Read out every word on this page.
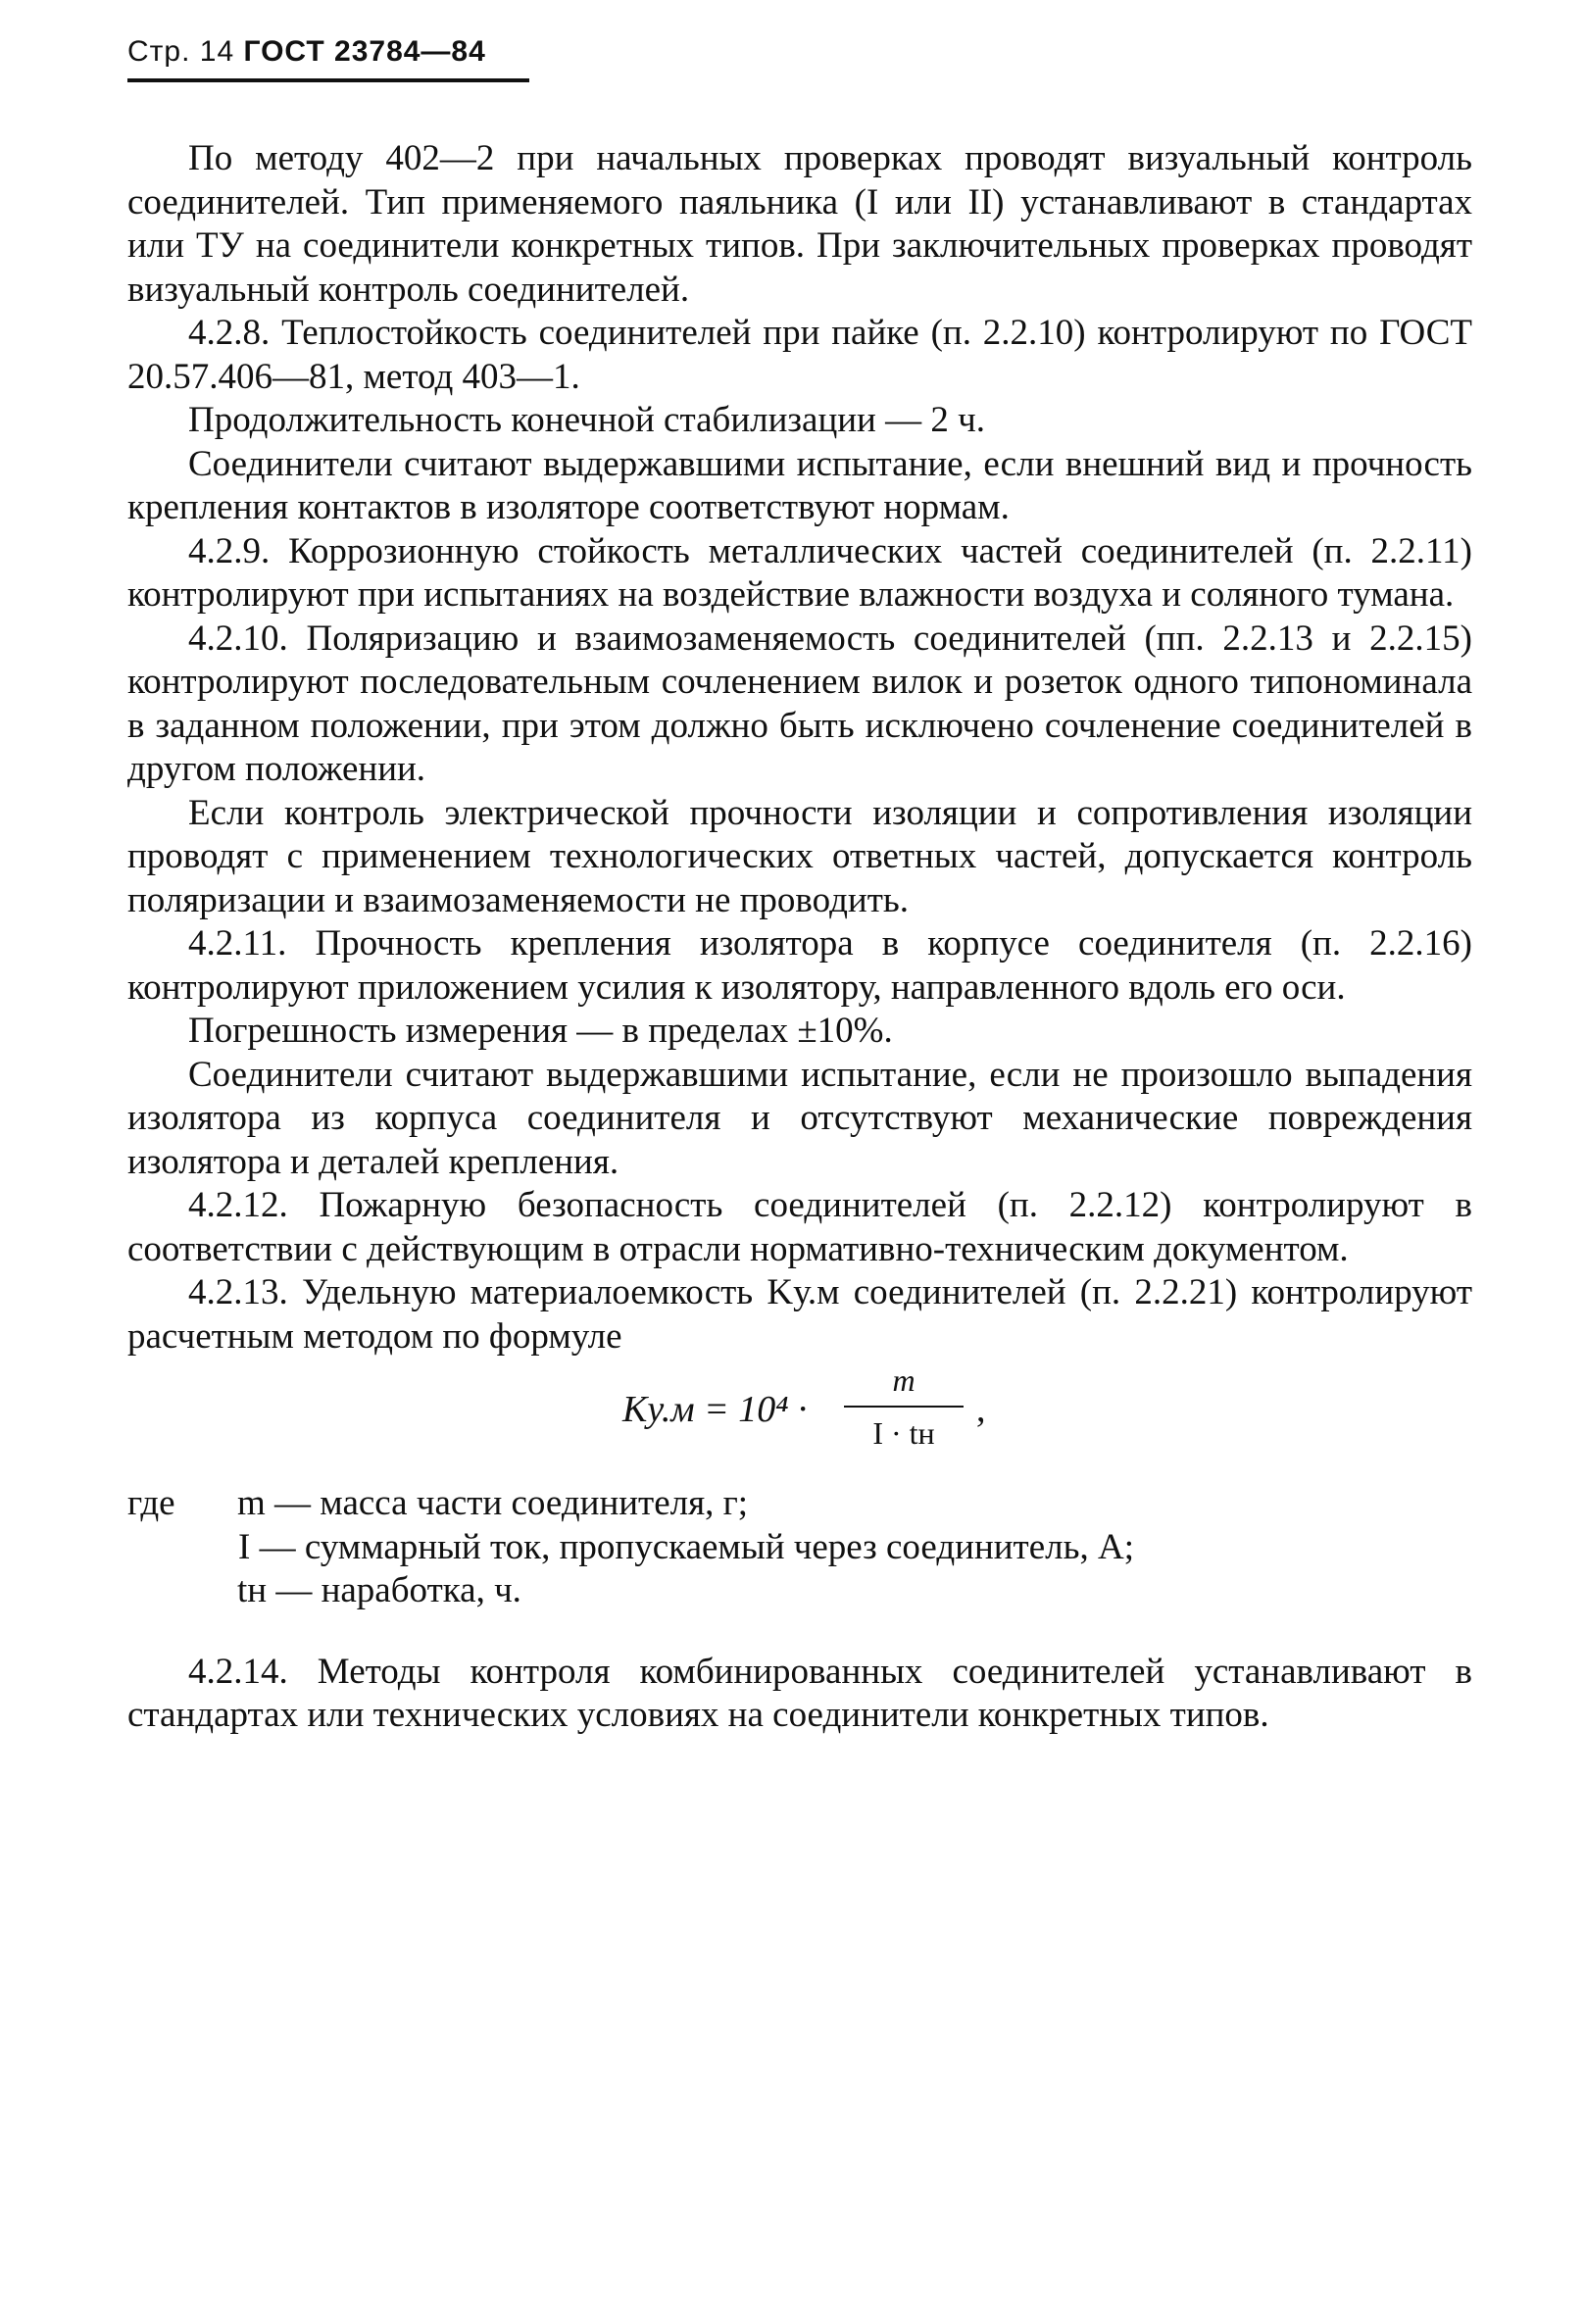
Стр. 14 ГОСТ 23784—84

По методу 402—2 при начальных проверках проводят визуальный контроль соединителей. Тип применяемого паяльника (I или II) устанавливают в стандартах или ТУ на соединители конкретных типов. При заключительных проверках проводят визуальный контроль соединителей.

4.2.8. Теплостойкость соединителей при пайке (п. 2.2.10) контролируют по ГОСТ 20.57.406—81, метод 403—1.

Продолжительность конечной стабилизации — 2 ч.

Соединители считают выдержавшими испытание, если внешний вид и прочность крепления контактов в изоляторе соответствуют нормам.

4.2.9. Коррозионную стойкость металлических частей соединителей (п. 2.2.11) контролируют при испытаниях на воздействие влажности воздуха и соляного тумана.

4.2.10. Поляризацию и взаимозаменяемость соединителей (пп. 2.2.13 и 2.2.15) контролируют последовательным сочленением вилок и розеток одного типономинала в заданном положении, при этом должно быть исключено сочленение соединителей в другом положении.

Если контроль электрической прочности изоляции и сопротивления изоляции проводят с применением технологических ответных частей, допускается контроль поляризации и взаимозаменяемости не проводить.

4.2.11. Прочность крепления изолятора в корпусе соединителя (п. 2.2.16) контролируют приложением усилия к изолятору, направленного вдоль его оси.

Погрешность измерения — в пределах ±10%.

Соединители считают выдержавшими испытание, если не произошло выпадения изолятора из корпуса соединителя и отсутствуют механические повреждения изолятора и деталей крепления.

4.2.12. Пожарную безопасность соединителей (п. 2.2.12) контролируют в соответствии с действующим в отрасли нормативно-техническим документом.

4.2.13. Удельную материалоемкость Kу.м соединителей (п. 2.2.21) контролируют расчетным методом по формуле

Kу.м = 10⁴ ·
m
I · tн
,
где m — масса части соединителя, г;
I — суммарный ток, пропускаемый через соединитель, А;
tн — наработка, ч.

4.2.14. Методы контроля комбинированных соединителей устанавливают в стандартах или технических условиях на соединители конкретных типов.
